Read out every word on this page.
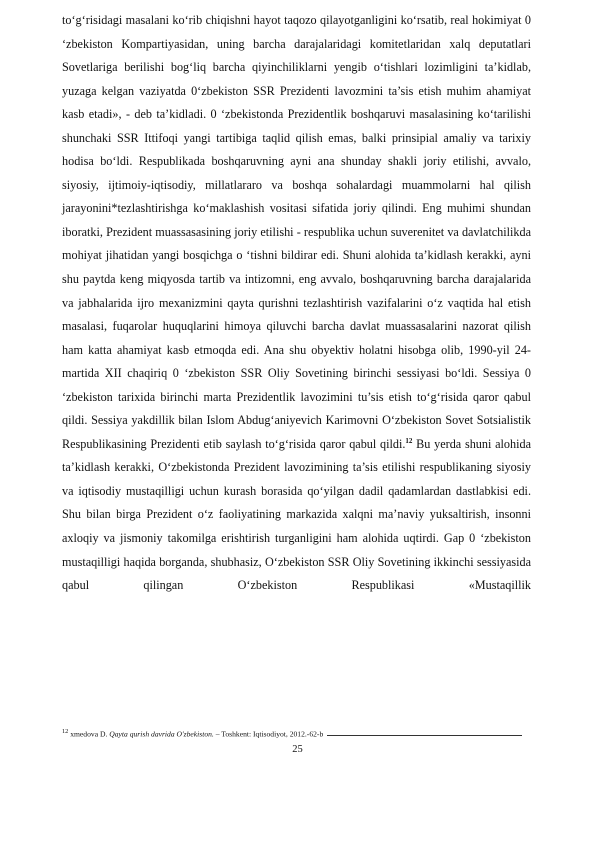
to‘g‘risidagi masalani ko‘rib chiqishni hayot taqozo qilayotganligini ko‘rsatib, real hokimiyat 0 ‘zbekiston Kompartiyasidan, uning barcha darajalaridagi komitetlaridan xalq deputatlari Sovetlariga berilishi bog‘liq barcha qiyinchiliklarni yengib o‘tishlari lozimligini ta’kidlab, yuzaga kelgan vaziyatda 0‘zbekiston SSR Prezidenti lavozmini ta’sis etish muhim ahamiyat kasb etadi», - deb ta’kidladi. 0 ‘zbekistonda Prezidentlik boshqaruvi masalasining ko‘tarilishi shunchaki SSR Ittifoqi yangi tartibiga taqlid qilish emas, balki prinsipial amaliy va tarixiy hodisa bo‘ldi. Respublikada boshqaruvning ayni ana shunday shakli joriy etilishi, avvalo, siyosiy, ijtimoiy-iqtisodiy, millatlararo va boshqa sohalardagi muammolarni hal qilish jarayonini*tezlashtirishga ko‘maklashish vositasi sifatida joriy qilindi. Eng muhimi shundan iboratki, Prezident muassasasining joriy etilishi - respublika uchun suverenitet va davlatchilikda mohiyat jihatidan yangi bosqichga o ‘tishni bildirar edi. Shuni alohida ta’kidlash kerakki, ayni shu paytda keng miqyosda tartib va intizomni, eng avvalo, boshqaruvning barcha darajalarida va jabhalarida ijro mexanizmini qayta qurishni tezlashtirish vazifalarini o‘z vaqtida hal etish masalasi, fuqarolar huquqlarini himoya qiluvchi barcha davlat muassasalarini nazorat qilish ham katta ahamiyat kasb etmoqda edi. Ana shu obyektiv holatni hisobga olib, 1990-yil 24-martida XII chaqiriq 0 ‘zbekiston SSR Oliy Sovetining birinchi sessiyasi bo‘ldi. Sessiya 0 ‘zbekiston tarixida birinchi marta Prezidentlik lavozimini tu’sis etish to‘g‘risida qaror qabul qildi. Sessiya yakdillik bilan Islom Abdug‘aniyevich Karimovni O‘zbekiston Sovet Sotsialistik Respublikasining Prezidenti etib saylash to‘g‘risida qaror qabul qildi.$^{12}$ Bu yerda shuni alohida ta’kidlash kerakki, O‘zbekistonda Prezident lavozimining ta’sis etilishi respublikaning siyosiy va iqtisodiy mustaqilligi uchun kurash borasida qo‘yilgan dadil qadamlardan dastlabkisi edi. Shu bilan birga Prezident o‘z faoliyatining markazida xalqni ma’naviy yuksaltirish, insonni axloqiy va jismoniy takomilga erishtirish turganligini ham alohida uqtirdi. Gap 0 ‘zbekiston mustaqilligi haqida borganda, shubhasiz, O‘zbekiston SSR Oliy Sovetining ikkinchi sessiyasida qabul qilingan O‘zbekiston Respublikasi «Mustaqillik

$^{12}$ xmedova D. Qayta qurish davrida O'zbekiston. – Toshkent: Iqtisodiyot, 2012.-62-b
25
